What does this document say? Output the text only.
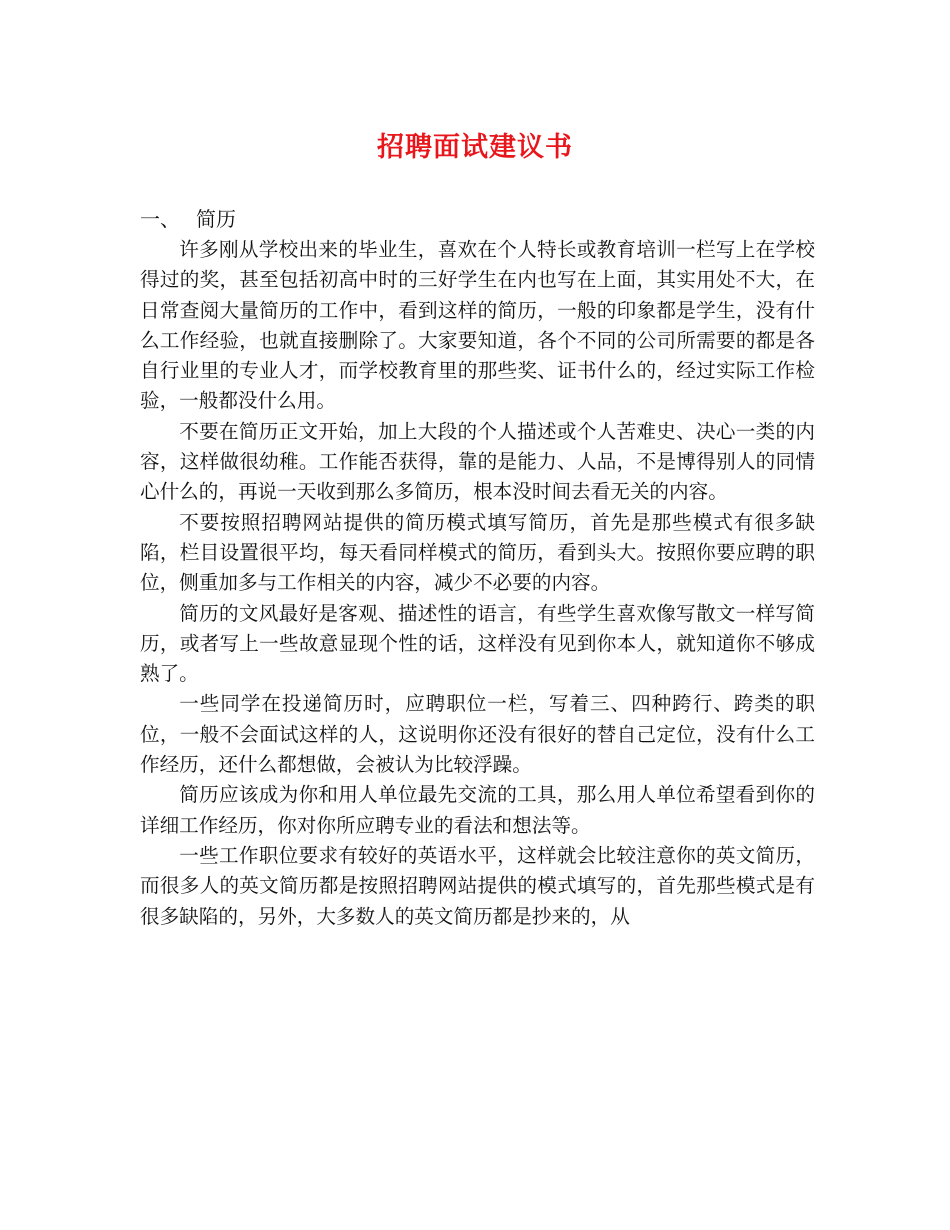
招聘面试建议书

一、 简历

许多刚从学校出来的毕业生，喜欢在个人特长或教育培训一栏写上在学校得过的奖，甚至包括初高中时的三好学生在内也写在上面，其实用处不大，在日常查阅大量简历的工作中，看到这样的简历，一般的印象都是学生，没有什么工作经验，也就直接删除了。大家要知道，各个不同的公司所需要的都是各自行业里的专业人才，而学校教育里的那些奖、证书什么的，经过实际工作检验，一般都没什么用。

不要在简历正文开始，加上大段的个人描述或个人苦难史、决心一类的内容，这样做很幼稚。工作能否获得，靠的是能力、人品，不是博得别人的同情心什么的，再说一天收到那么多简历，根本没时间去看无关的内容。

不要按照招聘网站提供的简历模式填写简历，首先是那些模式有很多缺陷，栏目设置很平均，每天看同样模式的简历，看到头大。按照你要应聘的职位，侧重加多与工作相关的内容，减少不必要的内容。

简历的文风最好是客观、描述性的语言，有些学生喜欢像写散文一样写简历，或者写上一些故意显现个性的话，这样没有见到你本人，就知道你不够成熟了。

一些同学在投递简历时，应聘职位一栏，写着三、四种跨行、跨类的职位，一般不会面试这样的人，这说明你还没有很好的替自己定位，没有什么工作经历，还什么都想做，会被认为比较浮躁。

简历应该成为你和用人单位最先交流的工具，那么用人单位希望看到你的详细工作经历，你对你所应聘专业的看法和想法等。

一些工作职位要求有较好的英语水平，这样就会比较注意你的英文简历，而很多人的英文简历都是按照招聘网站提供的模式填写的，首先那些模式是有很多缺陷的，另外，大多数人的英文简历都是抄来的，从
